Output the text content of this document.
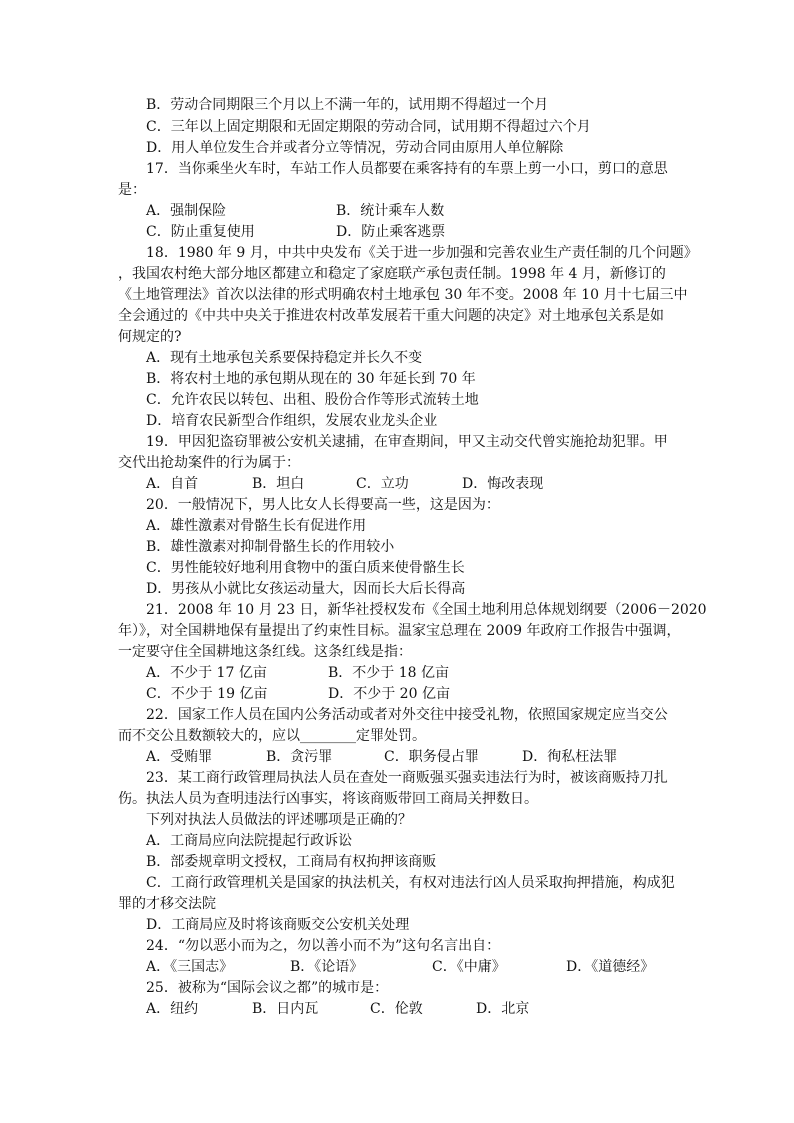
B．劳动合同期限三个月以上不满一年的，试用期不得超过一个月
C．三年以上固定期限和无固定期限的劳动合同，试用期不得超过六个月
D．用人单位发生合并或者分立等情况，劳动合同由原用人单位解除
17．当你乘坐火车时，车站工作人员都要在乘客持有的车票上剪一小口，剪口的意思
是：
A．强制保险	B．统计乘车人数
C．防止重复使用	D．防止乘客逃票
18．1980 年 9 月，中共中央发布《关于进一步加强和完善农业生产责任制的几个问题》
，我国农村绝大部分地区都建立和稳定了家庭联产承包责任制。1998 年 4 月，新修订的
《土地管理法》首次以法律的形式明确农村土地承包 30 年不变。2008 年 10 月十七届三中
全会通过的《中共中央关于推进农村改革发展若干重大问题的决定》对土地承包关系是如
何规定的?
A．现有土地承包关系要保持稳定并长久不变
B．将农村土地的承包期从现在的 30 年延长到 70 年
C．允许农民以转包、出租、股份合作等形式流转土地
D．培育农民新型合作组织，发展农业龙头企业
19．甲因犯盗窃罪被公安机关逮捕，在审查期间，甲又主动交代曾实施抢劫犯罪。甲
交代出抢劫案件的行为属于：
A．自首	B．坦白	C．立功	D．悔改表现
20．一般情况下，男人比女人长得要高一些，这是因为：
A．雄性激素对骨骼生长有促进作用
B．雄性激素对抑制骨骼生长的作用较小
C．男性能较好地利用食物中的蛋白质来使骨骼生长
D．男孩从小就比女孩运动量大，因而长大后长得高
21．2008 年 10 月 23 日，新华社授权发布《全国土地利用总体规划纲要（2006－2020
年）》，对全国耕地保有量提出了约束性目标。温家宝总理在 2009 年政府工作报告中强调，
一定要守住全国耕地这条红线。这条红线是指：
A．不少于 17 亿亩	B．不少于 18 亿亩
C．不少于 19 亿亩	D．不少于 20 亿亩
22．国家工作人员在国内公务活动或者对外交往中接受礼物，依照国家规定应当交公
而不交公且数额较大的，应以________定罪处罚。
A．受贿罪	B．贪污罪	C．职务侵占罪	D．徇私枉法罪
23．某工商行政管理局执法人员在查处一商贩强买强卖违法行为时，被该商贩持刀扎
伤。执法人员为查明违法行凶事实，将该商贩带回工商局关押数日。
下列对执法人员做法的评述哪项是正确的？
A．工商局应向法院提起行政诉讼
B．部委规章明文授权，工商局有权拘押该商贩
C．工商行政管理机关是国家的执法机关，有权对违法行凶人员采取拘押措施，构成犯
罪的才移交法院
D．工商局应及时将该商贩交公安机关处理
24．“勿以恶小而为之，勿以善小而不为”这句名言出自：
A．《三国志》	B．《论语》	C．《中庸》	D．《道德经》
25．被称为“国际会议之都”的城市是：
A．纽约	B．日内瓦	C．伦敦	D．北京
